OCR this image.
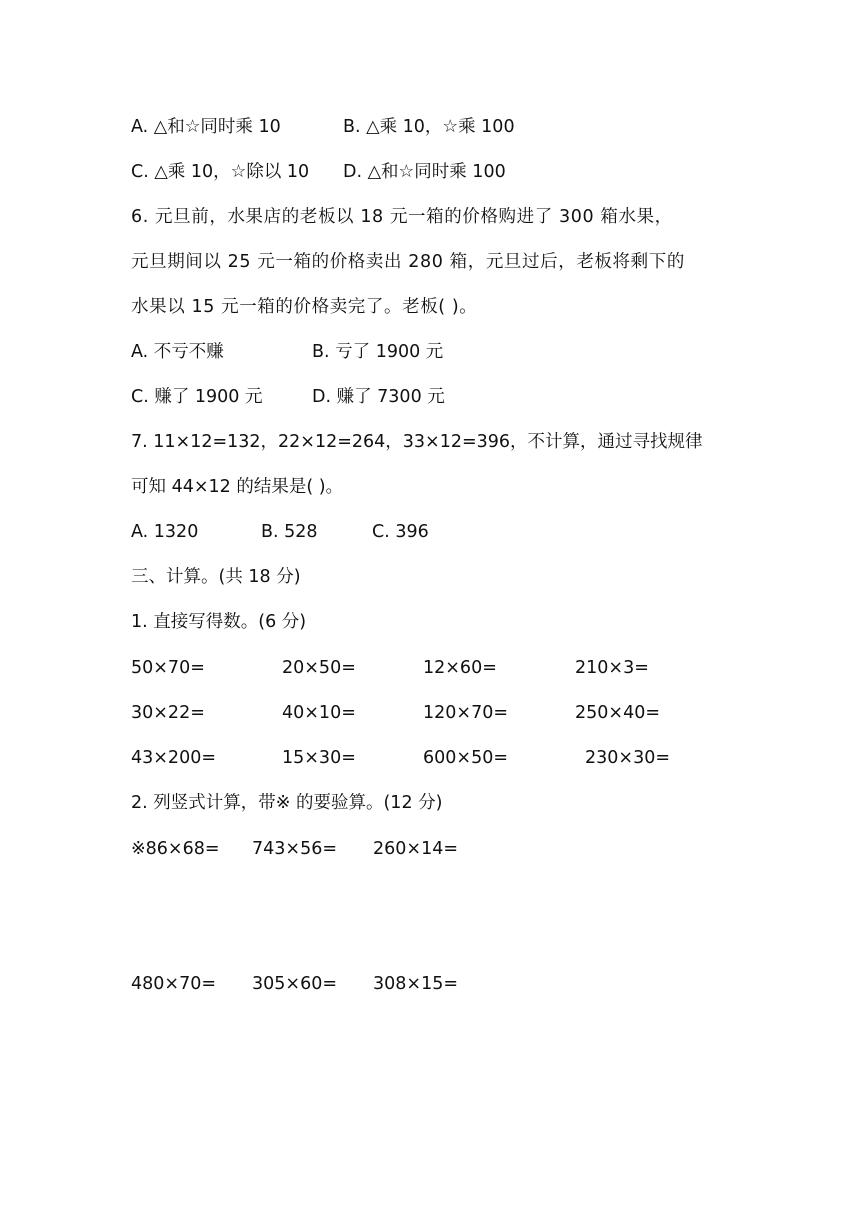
A. △和☆同时乘 10	B. △乘 10，☆乘 100
C. △乘 10，☆除以 10 D. △和☆同时乘 100
6. 元旦前，水果店的老板以 18 元一箱的价格购进了 300 箱水果，
元旦期间以 25 元一箱的价格卖出 280 箱，元旦过后，老板将剩下的
水果以 15 元一箱的价格卖完了。老板( )。
A. 不亏不赚	B. 亏了 1900 元
C. 赚了 1900 元	D. 赚了 7300 元
7. 11×12=132，22×12=264，33×12=396，不计算，通过寻找规律
可知 44×12 的结果是( )。
A. 1320	B. 528	C. 396
三、计算。(共 18 分)
1. 直接写得数。(6 分)
50×70=	20×50=	12×60=	210×3=
30×22=	40×10=	120×70=	250×40=
43×200=	15×30=	600×50=	230×30=
2. 列竖式计算，带※ 的要验算。(12 分)
※86×68= 743×56= 260×14=
480×70= 305×60= 308×15=
